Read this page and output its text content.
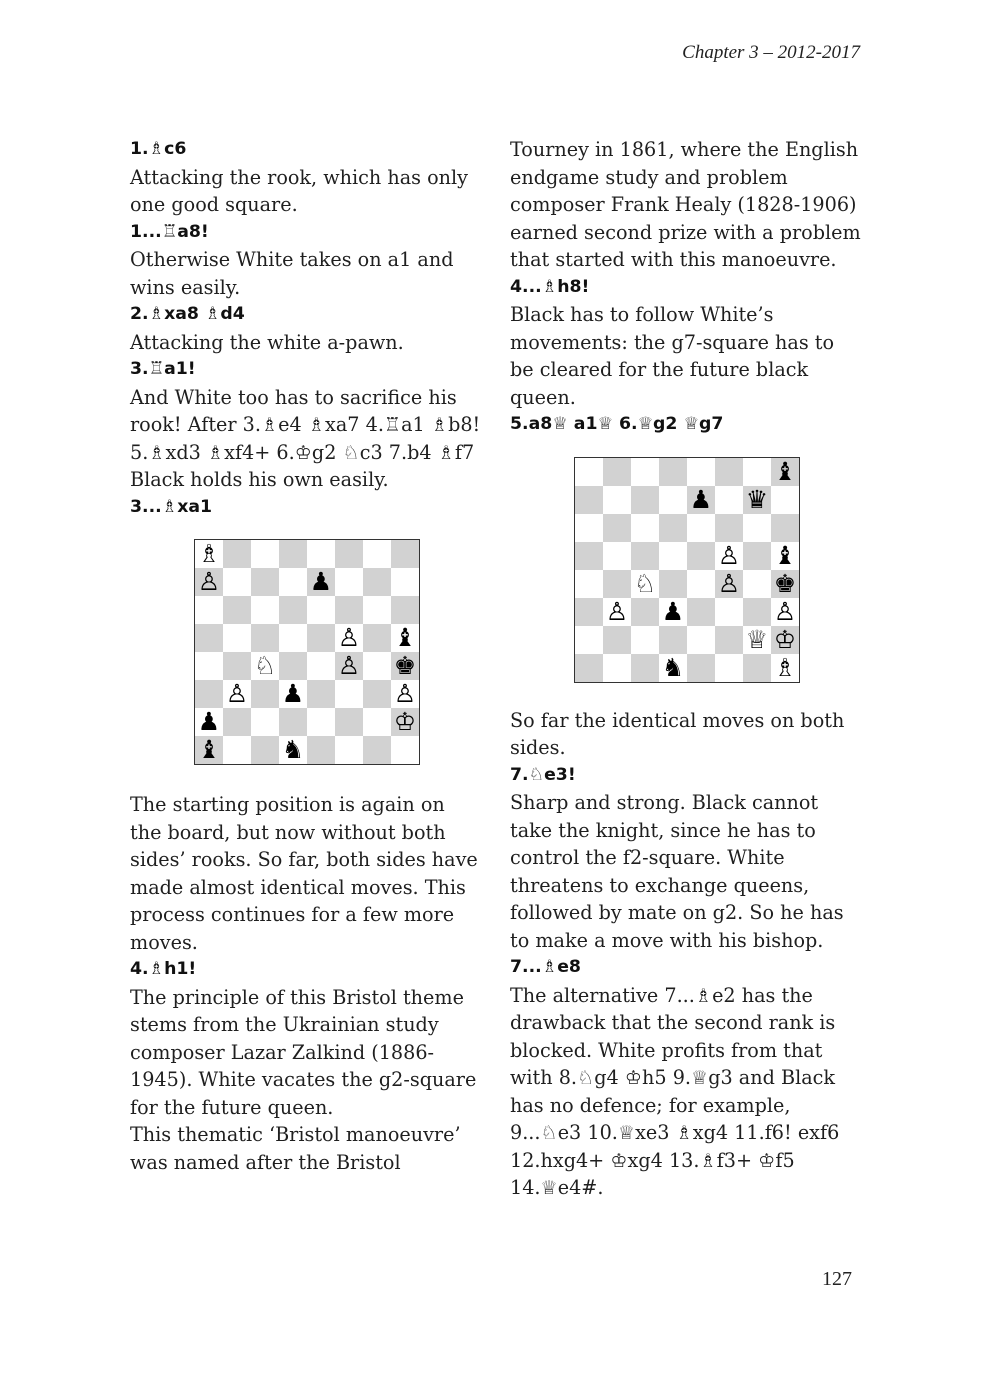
Chapter 3 – 2012-2017

1.♗c6

Attacking the rook, which has only one good square.

1...♖a8!

Otherwise White takes on a1 and wins easily.

2.♗xa8 ♗d4

Attacking the white a-pawn.

3.♖a1!

And White too has to sacrifice his rook! After 3.♗e4 ♗xa7 4.♖a1 ♗b8! 5.♗xd3 ♗xf4+ 6.♔g2 ♘c3 7.b4 ♗f7 Black holds his own easily.

3...♗xa1

♗
♙	♟
♙ ♝
♘ ♙ ♚
♙ ♟	♙
♟	♔
♝ ♞

The starting position is again on the board, but now without both sides’ rooks. So far, both sides have made almost identical moves. This process continues for a few more moves.

4.♗h1!

The principle of this Bristol theme stems from the Ukrainian study composer Lazar Zalkind (1886-1945). White vacates the g2-square for the future queen.

This thematic ‘Bristol manoeuvre’ was named after the Bristol

Tourney in 1861, where the English endgame study and problem composer Frank Healy (1828-1906) earned second prize with a problem that started with this manoeuvre.

4...♗h8!

Black has to follow White’s movements: the g7-square has to be cleared for the future black queen.

5.a8♕ a1♕ 6.♕g2 ♕g7

♝
♟ ♛
♙ ♝
♘ ♙ ♚
♙ ♟	♙
♕ ♔
♞	♗

So far the identical moves on both sides.

7.♘e3!

Sharp and strong. Black cannot take the knight, since he has to control the f2-square. White threatens to exchange queens, followed by mate on g2. So he has to make a move with his bishop.

7...♗e8

The alternative 7...♗e2 has the drawback that the second rank is blocked. White profits from that with 8.♘g4 ♔h5 9.♕g3 and Black has no defence; for example, 9...♘e3 10.♕xe3 ♗xg4 11.f6! exf6 12.hxg4+ ♔xg4 13.♗f3+ ♔f5 14.♕e4#.

127
